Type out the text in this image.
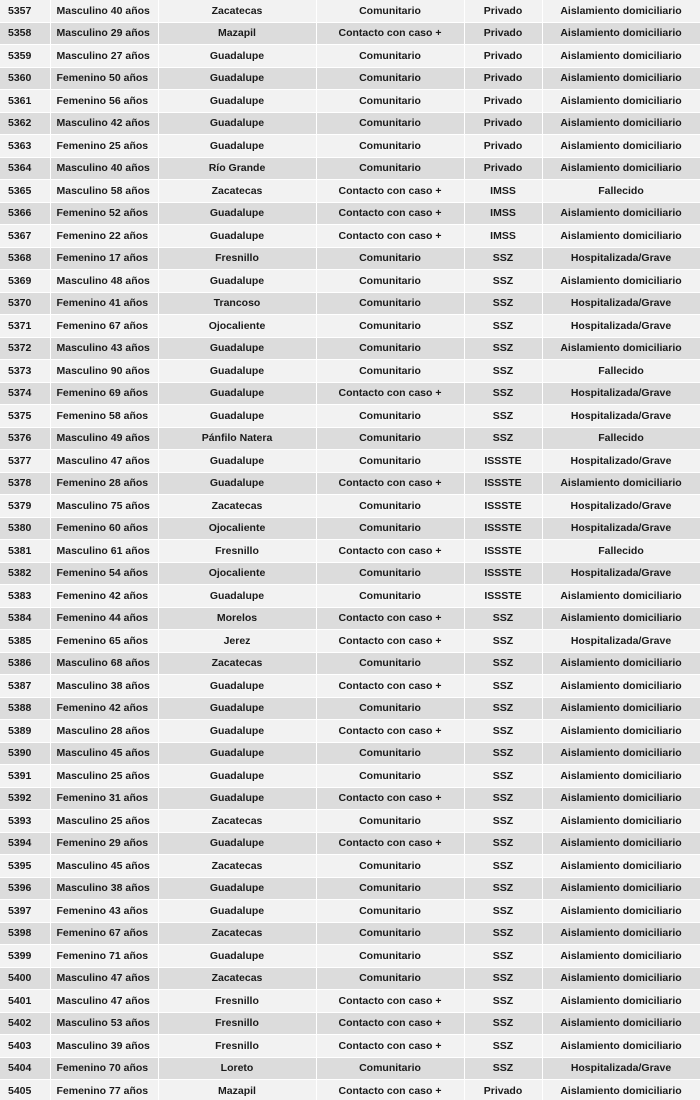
5357	Masculino 40 años	Zacatecas	Comunitario	Privado	Aislamiento domiciliario
5358	Masculino 29 años	Mazapil	Contacto con caso +	Privado	Aislamiento domiciliario
5359	Masculino 27 años	Guadalupe	Comunitario	Privado	Aislamiento domiciliario
5360	Femenino 50 años	Guadalupe	Comunitario	Privado	Aislamiento domiciliario
5361	Femenino 56 años	Guadalupe	Comunitario	Privado	Aislamiento domiciliario
5362	Masculino 42 años	Guadalupe	Comunitario	Privado	Aislamiento domiciliario
5363	Femenino 25 años	Guadalupe	Comunitario	Privado	Aislamiento domiciliario
5364	Masculino 40 años	Río Grande	Comunitario	Privado	Aislamiento domiciliario
5365	Masculino 58 años	Zacatecas	Contacto con caso +	IMSS	Fallecido
5366	Femenino 52 años	Guadalupe	Contacto con caso +	IMSS	Aislamiento domiciliario
5367	Femenino 22 años	Guadalupe	Contacto con caso +	IMSS	Aislamiento domiciliario
5368	Femenino 17 años	Fresnillo	Comunitario	SSZ	Hospitalizada/Grave
5369	Masculino 48 años	Guadalupe	Comunitario	SSZ	Aislamiento domiciliario
5370	Femenino 41 años	Trancoso	Comunitario	SSZ	Hospitalizada/Grave
5371	Femenino 67 años	Ojocaliente	Comunitario	SSZ	Hospitalizada/Grave
5372	Masculino 43 años	Guadalupe	Comunitario	SSZ	Aislamiento domiciliario
5373	Masculino 90 años	Guadalupe	Comunitario	SSZ	Fallecido
5374	Femenino 69 años	Guadalupe	Contacto con caso +	SSZ	Hospitalizada/Grave
5375	Femenino 58 años	Guadalupe	Comunitario	SSZ	Hospitalizada/Grave
5376	Masculino 49 años	Pánfilo Natera	Comunitario	SSZ	Fallecido
5377	Masculino 47 años	Guadalupe	Comunitario	ISSSTE	Hospitalizado/Grave
5378	Femenino 28 años	Guadalupe	Contacto con caso +	ISSSTE	Aislamiento domiciliario
5379	Masculino 75 años	Zacatecas	Comunitario	ISSSTE	Hospitalizado/Grave
5380	Femenino 60 años	Ojocaliente	Comunitario	ISSSTE	Hospitalizada/Grave
5381	Masculino 61 años	Fresnillo	Contacto con caso +	ISSSTE	Fallecido
5382	Femenino 54 años	Ojocaliente	Comunitario	ISSSTE	Hospitalizada/Grave
5383	Femenino 42 años	Guadalupe	Comunitario	ISSSTE	Aislamiento domiciliario
5384	Femenino 44 años	Morelos	Contacto con caso +	SSZ	Aislamiento domiciliario
5385	Femenino 65 años	Jerez	Contacto con caso +	SSZ	Hospitalizada/Grave
5386	Masculino 68 años	Zacatecas	Comunitario	SSZ	Aislamiento domiciliario
5387	Masculino 38 años	Guadalupe	Contacto con caso +	SSZ	Aislamiento domiciliario
5388	Femenino 42 años	Guadalupe	Comunitario	SSZ	Aislamiento domiciliario
5389	Masculino 28 años	Guadalupe	Contacto con caso +	SSZ	Aislamiento domiciliario
5390	Masculino 45 años	Guadalupe	Comunitario	SSZ	Aislamiento domiciliario
5391	Masculino 25 años	Guadalupe	Comunitario	SSZ	Aislamiento domiciliario
5392	Femenino 31 años	Guadalupe	Contacto con caso +	SSZ	Aislamiento domiciliario
5393	Masculino 25 años	Zacatecas	Comunitario	SSZ	Aislamiento domiciliario
5394	Femenino 29 años	Guadalupe	Contacto con caso +	SSZ	Aislamiento domiciliario
5395	Masculino 45 años	Zacatecas	Comunitario	SSZ	Aislamiento domiciliario
5396	Masculino 38 años	Guadalupe	Comunitario	SSZ	Aislamiento domiciliario
5397	Femenino 43 años	Guadalupe	Comunitario	SSZ	Aislamiento domiciliario
5398	Femenino 67 años	Zacatecas	Comunitario	SSZ	Aislamiento domiciliario
5399	Femenino 71 años	Guadalupe	Comunitario	SSZ	Aislamiento domiciliario
5400	Masculino 47 años	Zacatecas	Comunitario	SSZ	Aislamiento domiciliario
5401	Masculino 47 años	Fresnillo	Contacto con caso +	SSZ	Aislamiento domiciliario
5402	Masculino 53 años	Fresnillo	Contacto con caso +	SSZ	Aislamiento domiciliario
5403	Masculino 39 años	Fresnillo	Contacto con caso +	SSZ	Aislamiento domiciliario
5404	Femenino 70 años	Loreto	Comunitario	SSZ	Hospitalizada/Grave
5405	Femenino 77 años	Mazapil	Contacto con caso +	Privado	Aislamiento domiciliario
